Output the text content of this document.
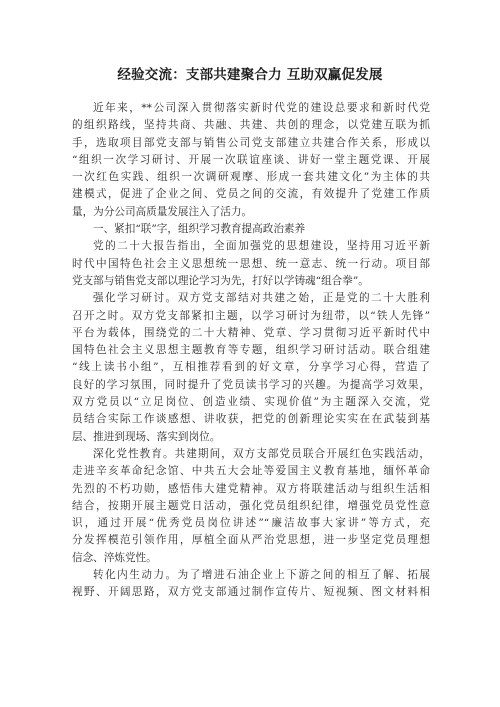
经验交流：支部共建聚合力 互助双赢促发展
近年来，**公司深入贯彻落实新时代党的建设总要求和新时代党
的组织路线，坚持共商、共融、共建、共创的理念，以党建互联为抓
手，选取项目部党支部与销售公司党支部建立共建合作关系，形成以
“组织一次学习研讨、开展一次联谊座谈、讲好一堂主题党课、开展
一次红色实践、组织一次调研观摩、形成一套共建文化”为主体的共
建模式，促进了企业之间、党员之间的交流，有效提升了党建工作质
量，为分公司高质量发展注入了活力。
一、紧扣“联”字，组织学习教育提高政治素养
党的二十大报告指出，全面加强党的思想建设，坚持用习近平新
时代中国特色社会主义思想统一思想、统一意志、统一行动。项目部
党支部与销售党支部以理论学习为先，打好以学铸魂“组合拳”。
强化学习研讨。双方党支部结对共建之始，正是党的二十大胜利
召开之时。双方党支部紧扣主题，以学习研讨为纽带，以“铁人先锋”
平台为载体，围绕党的二十大精神、党章、学习贯彻习近平新时代中
国特色社会主义思想主题教育等专题，组织学习研讨活动。联合组建
“线上读书小组”，互相推荐看到的好文章，分享学习心得，营造了
良好的学习氛围，同时提升了党员读书学习的兴趣。为提高学习效果，
双方党员以“立足岗位、创造业绩、实现价值”为主题深入交流，党
员结合实际工作谈感想、讲收获，把党的创新理论实实在在武装到基
层、推进到现场、落实到岗位。
深化党性教育。共建期间，双方支部党员联合开展红色实践活动，
走进辛亥革命纪念馆、中共五大会址等爱国主义教育基地，缅怀革命
先烈的不朽功勋，感悟伟大建党精神。双方将联建活动与组织生活相
结合，按期开展主题党日活动，强化党员组织纪律，增强党员党性意
识，通过开展“优秀党员岗位讲述”“廉洁故事大家讲”等方式，充
分发挥模范引领作用，厚植全面从严治党思想，进一步坚定党员理想
信念、淬炼党性。
转化内生动力。为了增进石油企业上下游之间的相互了解、拓展
视野、开阔思路，双方党支部通过制作宣传片、短视频、图文材料相
